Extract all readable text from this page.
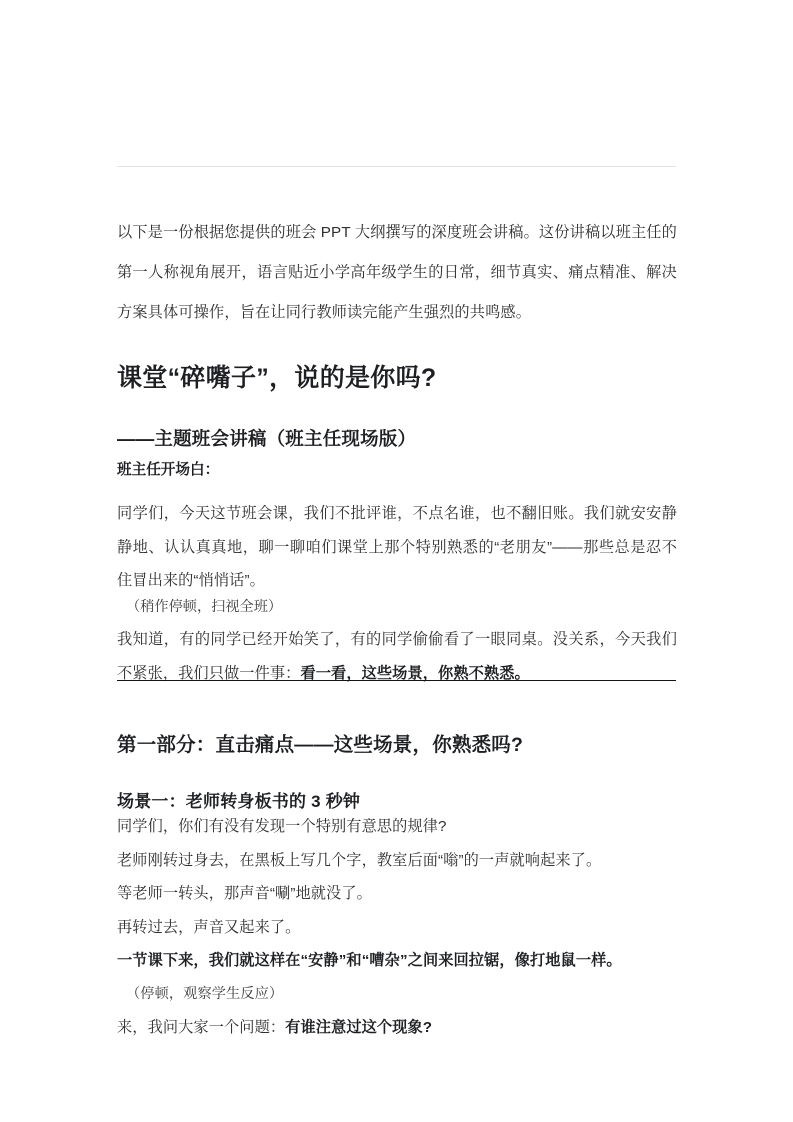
以下是一份根据您提供的班会 PPT 大纲撰写的深度班会讲稿。这份讲稿以班主任的第一人称视角展开，语言贴近小学高年级学生的日常，细节真实、痛点精准、解决方案具体可操作，旨在让同行教师读完能产生强烈的共鸣感。

课堂“碎嘴子”，说的是你吗?
——主题班会讲稿（班主任现场版）
班主任开场白：

同学们，今天这节班会课，我们不批评谁，不点名谁，也不翻旧账。我们就安安静静地、认认真真地，聊一聊咱们课堂上那个特别熟悉的“老朋友”——那些总是忍不住冒出来的“悄悄话”。

（稍作停顿，扫视全班）

我知道，有的同学已经开始笑了，有的同学偷偷看了一眼同桌。没关系，今天我们不紧张，我们只做一件事：看一看，这些场景，你熟不熟悉。

第一部分：直击痛点——这些场景，你熟悉吗?
场景一：老师转身板书的 3 秒钟
同学们，你们有没有发现一个特别有意思的规律?
老师刚转过身去，在黑板上写几个字，教室后面“嗡”的一声就响起来了。
等老师一转头，那声音“唰”地就没了。
再转过去，声音又起来了。
一节课下来，我们就这样在“安静”和“嘈杂”之间来回拉锯，像打地鼠一样。
（停顿，观察学生反应）
来，我问大家一个问题：有谁注意过这个现象?
